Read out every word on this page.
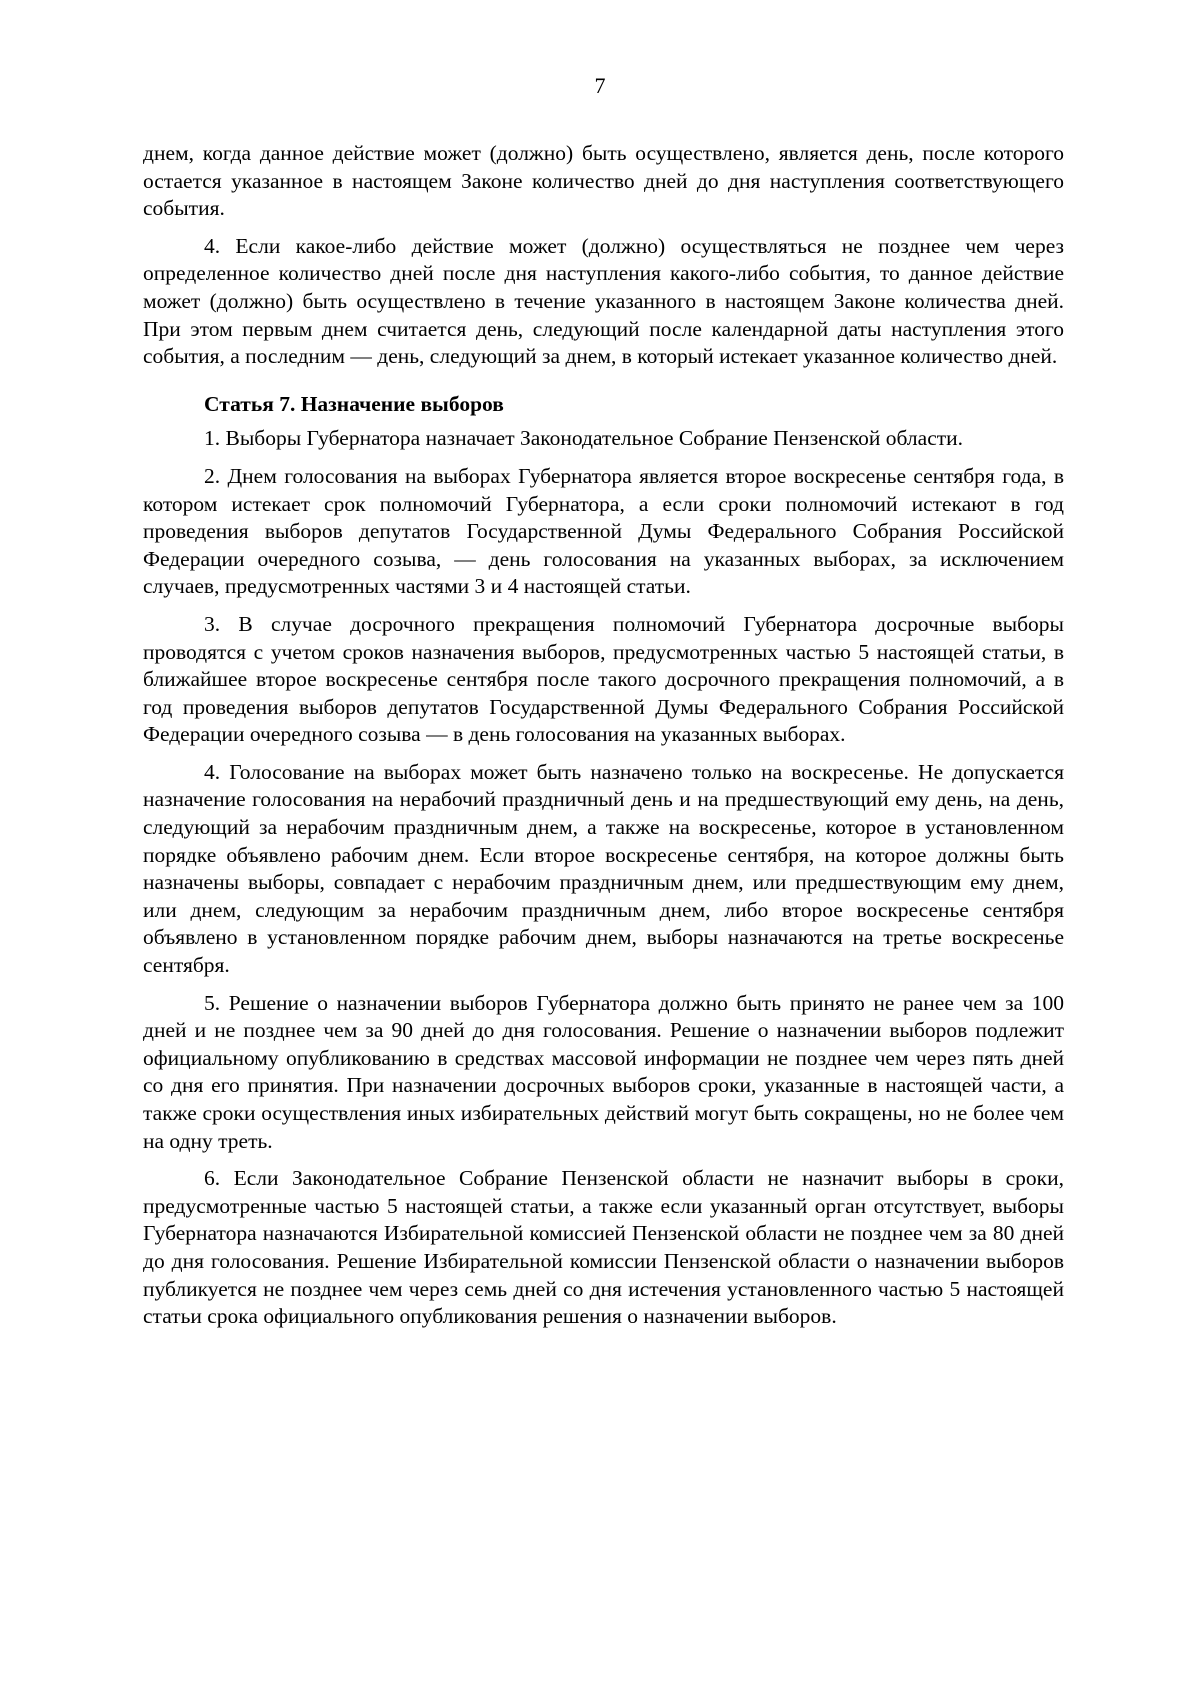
7

днем, когда данное действие может (должно) быть осуществлено, является день, после которого остается указанное в настоящем Законе количество дней до дня наступления соответствующего события.

4. Если какое-либо действие может (должно) осуществляться не позднее чем через определенное количество дней после дня наступления какого-либо события, то данное действие может (должно) быть осуществлено в течение указанного в настоящем Законе количества дней. При этом первым днем считается день, следующий после календарной даты наступления этого события, а последним — день, следующий за днем, в который истекает указанное количество дней.

Статья 7. Назначение выборов

1. Выборы Губернатора назначает Законодательное Собрание Пензенской области.

2. Днем голосования на выборах Губернатора является второе воскресенье сентября года, в котором истекает срок полномочий Губернатора, а если сроки полномочий истекают в год проведения выборов депутатов Государственной Думы Федерального Собрания Российской Федерации очередного созыва, — день голосования на указанных выборах, за исключением случаев, предусмотренных частями 3 и 4 настоящей статьи.

3. В случае досрочного прекращения полномочий Губернатора досрочные выборы проводятся с учетом сроков назначения выборов, предусмотренных частью 5 настоящей статьи, в ближайшее второе воскресенье сентября после такого досрочного прекращения полномочий, а в год проведения выборов депутатов Государственной Думы Федерального Собрания Российской Федерации очередного созыва — в день голосования на указанных выборах.

4. Голосование на выборах может быть назначено только на воскресенье. Не допускается назначение голосования на нерабочий праздничный день и на предшествующий ему день, на день, следующий за нерабочим праздничным днем, а также на воскресенье, которое в установленном порядке объявлено рабочим днем. Если второе воскресенье сентября, на которое должны быть назначены выборы, совпадает с нерабочим праздничным днем, или предшествующим ему днем, или днем, следующим за нерабочим праздничным днем, либо второе воскресенье сентября объявлено в установленном порядке рабочим днем, выборы назначаются на третье воскресенье сентября.

5. Решение о назначении выборов Губернатора должно быть принято не ранее чем за 100 дней и не позднее чем за 90 дней до дня голосования. Решение о назначении выборов подлежит официальному опубликованию в средствах массовой информации не позднее чем через пять дней со дня его принятия. При назначении досрочных выборов сроки, указанные в настоящей части, а также сроки осуществления иных избирательных действий могут быть сокращены, но не более чем на одну треть.

6. Если Законодательное Собрание Пензенской области не назначит выборы в сроки, предусмотренные частью 5 настоящей статьи, а также если указанный орган отсутствует, выборы Губернатора назначаются Избирательной комиссией Пензенской области не позднее чем за 80 дней до дня голосования. Решение Избирательной комиссии Пензенской области о назначении выборов публикуется не позднее чем через семь дней со дня истечения установленного частью 5 настоящей статьи срока официального опубликования решения о назначении выборов.
